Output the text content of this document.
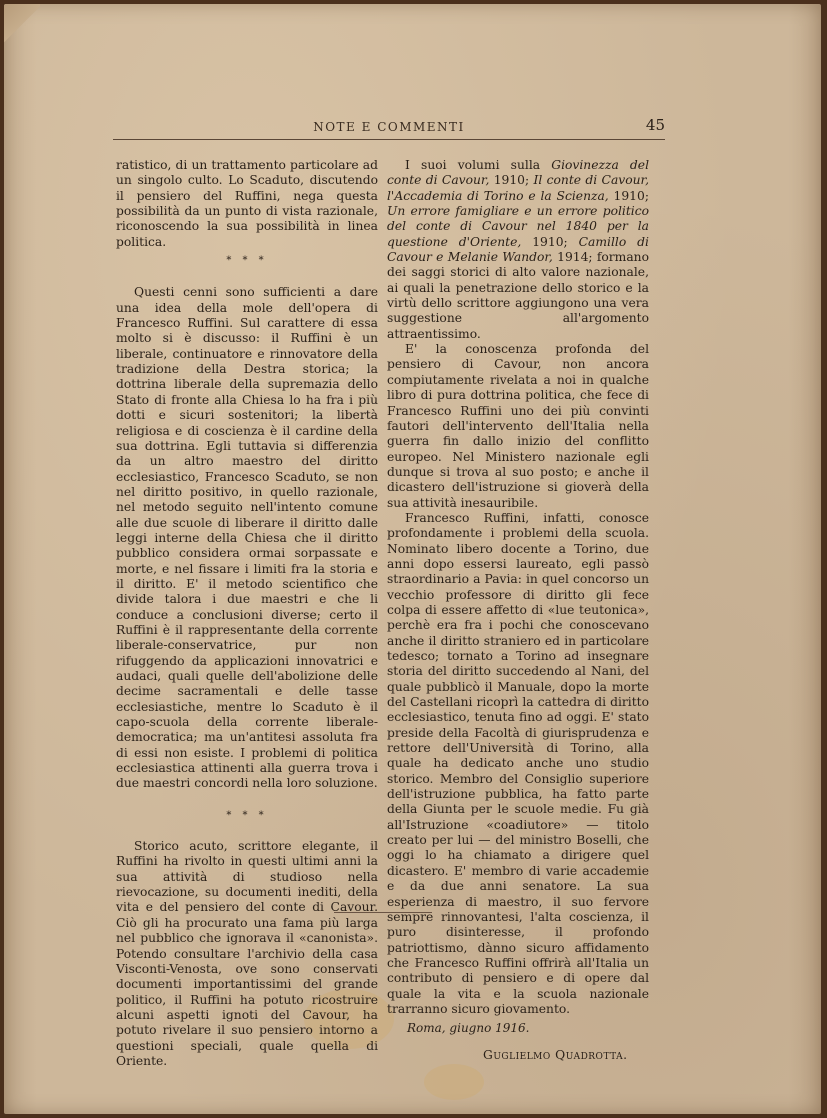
NOTE E COMMENTI	45

ratistico, di un trattamento particolare ad un singolo culto. Lo Scaduto, discutendo il pensiero del Ruffini, nega questa possibilità da un punto di vista razionale, riconoscendo la sua possibilità in linea politica.

* * *

Questi cenni sono sufficienti a dare una idea della mole dell'opera di Francesco Ruffini. Sul carattere di essa molto si è discusso: il Ruffini è un liberale, continuatore e rinnovatore della tradizione della Destra storica; la dottrina liberale della supremazia dello Stato di fronte alla Chiesa lo ha fra i più dotti e sicuri sostenitori; la libertà religiosa e di coscienza è il cardine della sua dottrina. Egli tuttavia si differenzia da un altro maestro del diritto ecclesiastico, Francesco Scaduto, se non nel diritto positivo, in quello razionale, nel metodo seguito nell'intento comune alle due scuole di liberare il diritto dalle leggi interne della Chiesa che il diritto pubblico considera ormai sorpassate e morte, e nel fissare i limiti fra la storia e il diritto. E' il metodo scientifico che divide talora i due maestri e che li conduce a conclusioni diverse; certo il Ruffini è il rappresentante della corrente liberale-conservatrice, pur non rifuggendo da applicazioni innovatrici e audaci, quali quelle dell'abolizione delle decime sacramentali e delle tasse ecclesiastiche, mentre lo Scaduto è il capo-scuola della corrente liberale-democratica; ma un'antitesi assoluta fra di essi non esiste. I problemi di politica ecclesiastica attinenti alla guerra trova i due maestri concordi nella loro soluzione.

* * *

Storico acuto, scrittore elegante, il Ruffini ha rivolto in questi ultimi anni la sua attività di studioso nella rievocazione, su documenti inediti, della vita e del pensiero del conte di Cavour. Ciò gli ha procurato una fama più larga nel pubblico che ignorava il «canonista». Potendo consultare l'archivio della casa Visconti-Venosta, ove sono conservati documenti importantissimi del grande politico, il Ruffini ha potuto ricostruire alcuni aspetti ignoti del Cavour, ha potuto rivelare il suo pensiero intorno a questioni speciali, quale quella di Oriente.

I suoi volumi sulla Giovinezza del conte di Cavour, 1910; Il conte di Cavour, l'Accademia di Torino e la Scienza, 1910; Un errore famigliare e un errore politico del conte di Cavour nel 1840 per la questione d'Oriente, 1910; Camillo di Cavour e Melanie Wandor, 1914; formano dei saggi storici di alto valore nazionale, ai quali la penetrazione dello storico e la virtù dello scrittore aggiungono una vera suggestione all'argomento attraentissimo.

E' la conoscenza profonda del pensiero di Cavour, non ancora compiutamente rivelata a noi in qualche libro di pura dottrina politica, che fece di Francesco Ruffini uno dei più convinti fautori dell'intervento dell'Italia nella guerra fin dallo inizio del conflitto europeo. Nel Ministero nazionale egli dunque si trova al suo posto; e anche il dicastero dell'istruzione si gioverà della sua attività inesauribile.

Francesco Ruffini, infatti, conosce profondamente i problemi della scuola. Nominato libero docente a Torino, due anni dopo essersi laureato, egli passò straordinario a Pavia: in quel concorso un vecchio professore di diritto gli fece colpa di essere affetto di «lue teutonica», perchè era fra i pochi che conoscevano anche il diritto straniero ed in particolare tedesco; tornato a Torino ad insegnare storia del diritto succedendo al Nani, del quale pubblicò il Manuale, dopo la morte del Castellani ricoprì la cattedra di diritto ecclesiastico, tenuta fino ad oggi. E' stato preside della Facoltà di giurisprudenza e rettore dell'Università di Torino, alla quale ha dedicato anche uno studio storico. Membro del Consiglio superiore dell'istruzione pubblica, ha fatto parte della Giunta per le scuole medie. Fu già all'Istruzione «coadiutore» — titolo creato per lui — del ministro Boselli, che oggi lo ha chiamato a dirigere quel dicastero. E' membro di varie accademie e da due anni senatore. La sua esperienza di maestro, il suo fervore sempre rinnovantesi, l'alta coscienza, il puro disinteresse, il profondo patriottismo, dànno sicuro affidamento che Francesco Ruffini offrirà all'Italia un contributo di pensiero e di opere dal quale la vita e la scuola nazionale trarranno sicuro giovamento.

Roma, giugno 1916.
Guglielmo Quadrotta.
